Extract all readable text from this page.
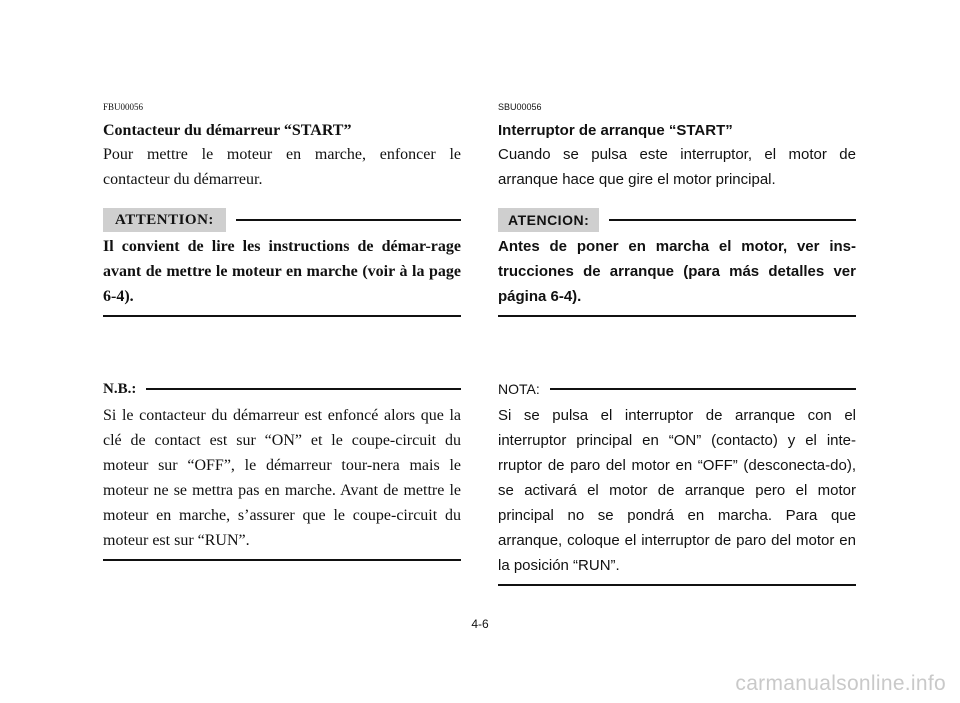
FBU00056
Contacteur du démarreur “START”
Pour mettre le moteur en marche, enfoncer le contacteur du démarreur.
ATTENTION:
Il convient de lire les instructions de démar-rage avant de mettre le moteur en marche (voir à la page 6-4).
N.B.:
Si le contacteur du démarreur est enfoncé alors que la clé de contact est sur “ON” et le coupe-circuit du moteur sur “OFF”, le démarreur tour-nera mais le moteur ne se mettra pas en marche. Avant de mettre le moteur en marche, s’assurer que le coupe-circuit du moteur est sur “RUN”.
SBU00056
Interruptor de arranque “START”
Cuando se pulsa este interruptor, el motor de arranque hace que gire el motor principal.
ATENCION:
Antes de poner en marcha el motor, ver ins-trucciones de arranque (para más detalles ver página 6-4).
NOTA:
Si se pulsa el interruptor de arranque con el interruptor principal en “ON” (contacto) y el inte-rruptor de paro del motor en “OFF” (desconecta-do), se activará el motor de arranque pero el motor principal no se pondrá en marcha. Para que arranque, coloque el interruptor de paro del motor en la posición “RUN”.
4-6
carmanualsonline.info
